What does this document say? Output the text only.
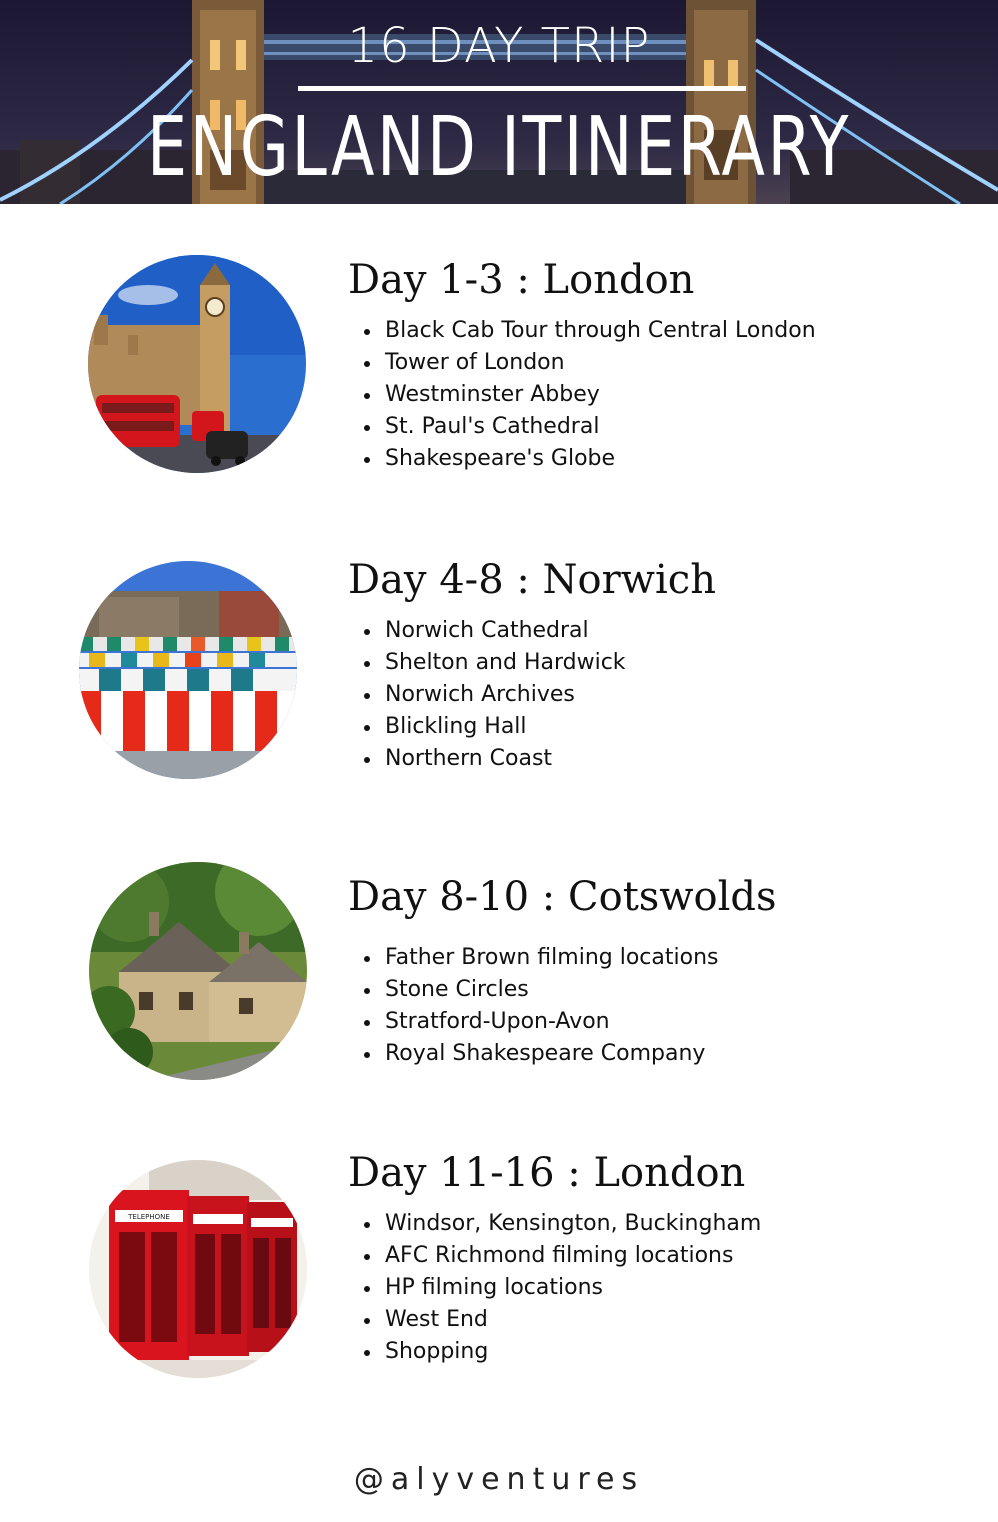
16 DAY TRIP
ENGLAND ITINERARY
Day 1-3 : London
Black Cab Tour through Central London
Tower of London
Westminster Abbey
St. Paul's Cathedral
Shakespeare's Globe
Day 4-8 : Norwich
Norwich Cathedral
Shelton and Hardwick
Norwich Archives
Blickling Hall
Northern Coast
Day 8-10 : Cotswolds
Father Brown filming locations
Stone Circles
Stratford-Upon-Avon
Royal Shakespeare Company
TELEPHONE
Day 11-16 : London
Windsor, Kensington, Buckingham
AFC Richmond filming locations
HP filming locations
West End
Shopping
@alyventures
